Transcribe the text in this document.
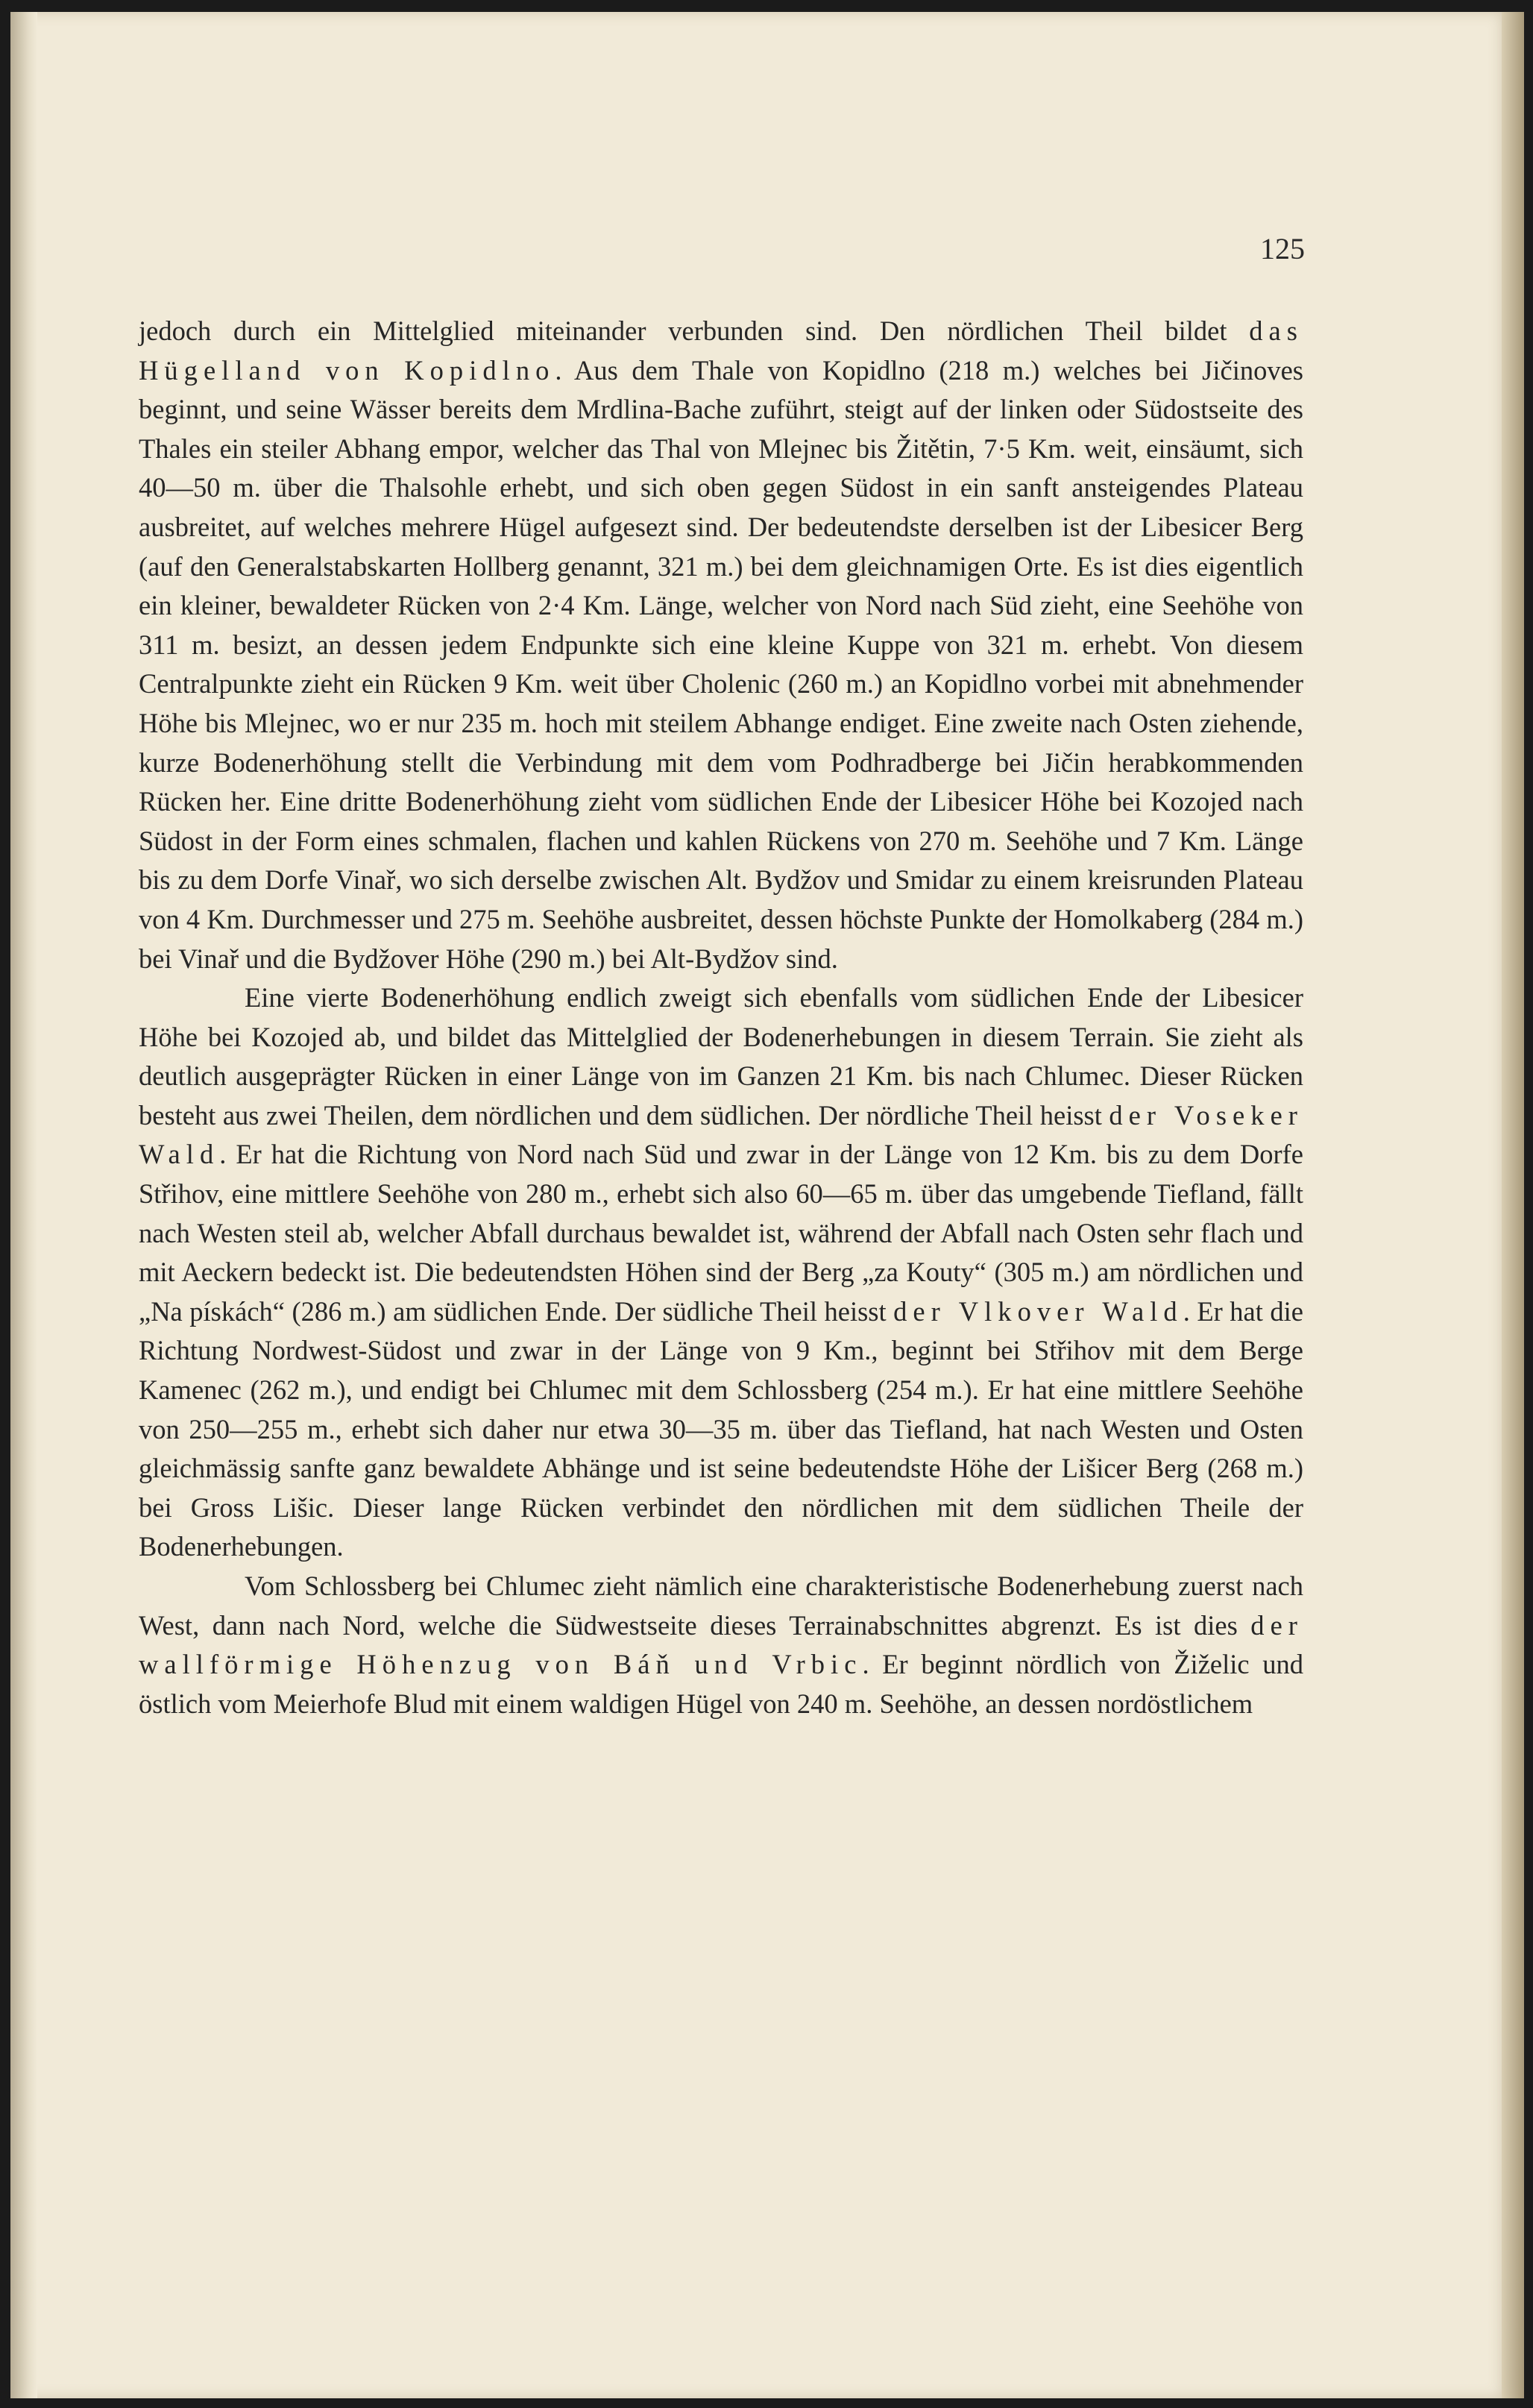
125

jedoch durch ein Mittelglied miteinander verbunden sind. Den nördlichen Theil bildet das Hügelland von Kopidlno. Aus dem Thale von Kopidlno (218 m.) welches bei Jičinoves beginnt, und seine Wässer bereits dem Mrdlina-Bache zuführt, steigt auf der linken oder Südostseite des Thales ein steiler Abhang empor, welcher das Thal von Mlejnec bis Žitětin, 7·5 Km. weit, einsäumt, sich 40—50 m. über die Thalsohle erhebt, und sich oben gegen Südost in ein sanft ansteigendes Plateau ausbreitet, auf welches mehrere Hügel aufgesezt sind. Der bedeutendste derselben ist der Libesicer Berg (auf den Generalstabskarten Hollberg genannt, 321 m.) bei dem gleichnamigen Orte. Es ist dies eigentlich ein kleiner, bewaldeter Rücken von 2·4 Km. Länge, welcher von Nord nach Süd zieht, eine Seehöhe von 311 m. besizt, an dessen jedem Endpunkte sich eine kleine Kuppe von 321 m. erhebt. Von diesem Centralpunkte zieht ein Rücken 9 Km. weit über Cholenic (260 m.) an Kopidlno vorbei mit abnehmender Höhe bis Mlejnec, wo er nur 235 m. hoch mit steilem Abhange endiget. Eine zweite nach Osten ziehende, kurze Bodenerhöhung stellt die Verbindung mit dem vom Podhradberge bei Jičin herabkommenden Rücken her. Eine dritte Bodenerhöhung zieht vom südlichen Ende der Libesicer Höhe bei Kozojed nach Südost in der Form eines schmalen, flachen und kahlen Rückens von 270 m. Seehöhe und 7 Km. Länge bis zu dem Dorfe Vinař, wo sich derselbe zwischen Alt. Bydžov und Smidar zu einem kreisrunden Plateau von 4 Km. Durchmesser und 275 m. Seehöhe ausbreitet, dessen höchste Punkte der Homolkaberg (284 m.) bei Vinař und die Bydžover Höhe (290 m.) bei Alt-Bydžov sind.

Eine vierte Bodenerhöhung endlich zweigt sich ebenfalls vom südlichen Ende der Libesicer Höhe bei Kozojed ab, und bildet das Mittelglied der Bodenerhebungen in diesem Terrain. Sie zieht als deutlich ausgeprägter Rücken in einer Länge von im Ganzen 21 Km. bis nach Chlumec. Dieser Rücken besteht aus zwei Theilen, dem nördlichen und dem südlichen. Der nördliche Theil heisst der Voseker Wald. Er hat die Richtung von Nord nach Süd und zwar in der Länge von 12 Km. bis zu dem Dorfe Střihov, eine mittlere Seehöhe von 280 m., erhebt sich also 60—65 m. über das umgebende Tiefland, fällt nach Westen steil ab, welcher Abfall durchaus bewaldet ist, während der Abfall nach Osten sehr flach und mit Aeckern bedeckt ist. Die bedeutendsten Höhen sind der Berg „za Kouty“ (305 m.) am nördlichen und „Na pískách“ (286 m.) am südlichen Ende. Der südliche Theil heisst der Vlkover Wald. Er hat die Richtung Nordwest-Südost und zwar in der Länge von 9 Km., beginnt bei Střihov mit dem Berge Kamenec (262 m.), und endigt bei Chlumec mit dem Schlossberg (254 m.). Er hat eine mittlere Seehöhe von 250—255 m., erhebt sich daher nur etwa 30—35 m. über das Tiefland, hat nach Westen und Osten gleichmässig sanfte ganz bewaldete Abhänge und ist seine bedeutendste Höhe der Lišicer Berg (268 m.) bei Gross Lišic. Dieser lange Rücken verbindet den nördlichen mit dem südlichen Theile der Bodenerhebungen.

Vom Schlossberg bei Chlumec zieht nämlich eine charakteristische Bodenerhebung zuerst nach West, dann nach Nord, welche die Südwestseite dieses Terrainabschnittes abgrenzt. Es ist dies der wallförmige Höhenzug von Báň und Vrbic. Er beginnt nördlich von Žiželic und östlich vom Meierhofe Blud mit einem waldigen Hügel von 240 m. Seehöhe, an dessen nordöstlichem
